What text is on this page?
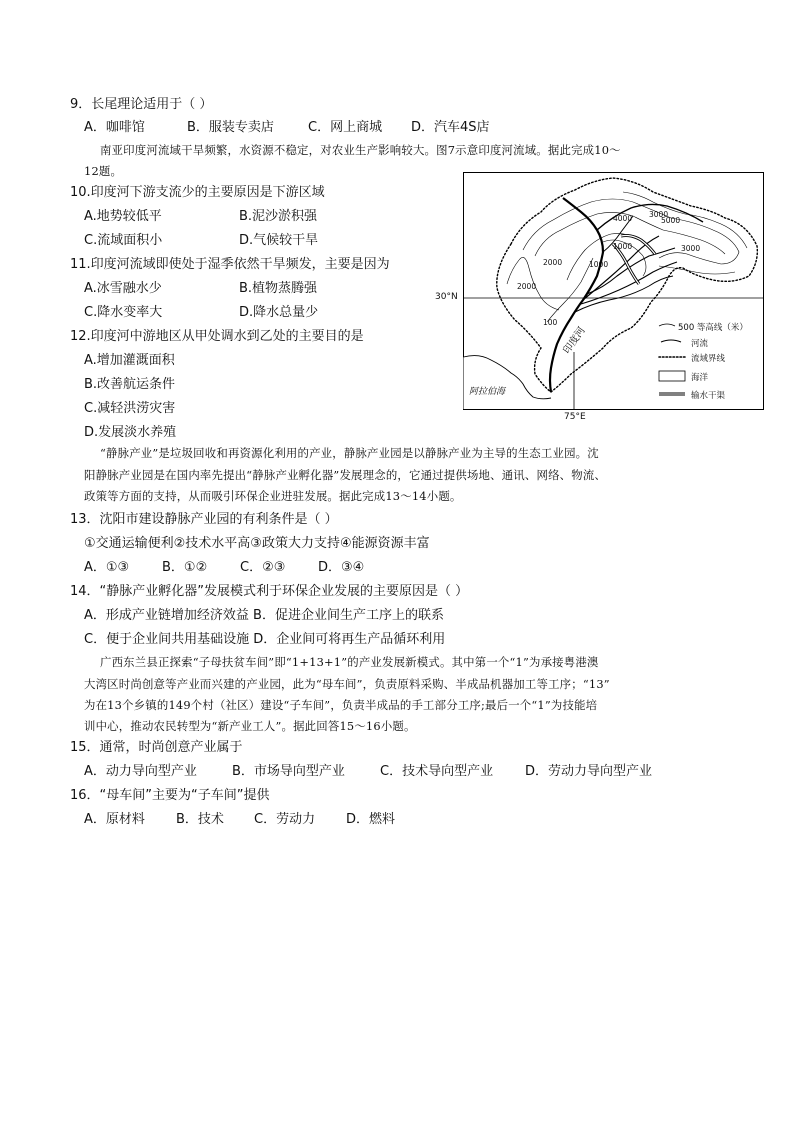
9．长尾理论适用于（ ）
A．咖啡馆	B．服装专卖店	C．网上商城 D．汽车4S店
南亚印度河流域干旱频繁，水资源不稳定，对农业生产影响较大。图7示意印度河流域。据此完成10～
12题。
10.印度河下游支流少的主要原因是下游区域
A.地势较低平	B.泥沙淤积强
C.流域面积小	D.气候较干旱
11.印度河流域即使处于湿季依然干旱频发，主要是因为
A.冰雪融水少	B.植物蒸腾强
C.降水变率大	D.降水总量少
12.印度河中游地区从甲处调水到乙处的主要目的是
A.增加灌溉面积
B.改善航运条件
C.减轻洪涝灾害
D.发展淡水养殖
“静脉产业”是垃圾回收和再资源化利用的产业，静脉产业园是以静脉产业为主导的生态工业园。沈
阳静脉产业园是在国内率先提出“静脉产业孵化器”发展理念的，它通过提供场地、通讯、网络、物流、
政策等方面的支持，从而吸引环保企业进驻发展。据此完成13～14小题。
13．沈阳市建设静脉产业园的有利条件是（ ）
①交通运输便利②技术水平高③政策大力支持④能源资源丰富
A．①③	B．①②	C．②③	D．③④
14．“静脉产业孵化器”发展模式利于环保企业发展的主要原因是（ ）
A．形成产业链增加经济效益 B．促进企业间生产工序上的联系
C．便于企业间共用基础设施 D．企业间可将再生产品循环利用
广西东兰县正探索“子母扶贫车间”即“1+13+1”的产业发展新模式。其中第一个“1”为承接粤港澳
大湾区时尚创意等产业而兴建的产业园，此为“母车间”，负责原料采购、半成品机器加工等工序；“13”
为在13个乡镇的149个村（社区）建设“子车间”，负责半成品的手工部分工序;最后一个“1”为技能培
训中心，推动农民转型为“新产业工人”。据此回答15～16小题。
15．通常，时尚创意产业属于
A．动力导向型产业	B．市场导向型产业	C．技术导向型产业 D．劳动力导向型产业
16．“母车间”主要为“子车间”提供
A．原材料 B．技术 C．劳动力 D．燃料
30°N
75°E
阿拉伯海
印度河
100
1000
2000
3000
4000	5000
3000
1000
2000
500 等高线（米）
河流
流域界线
海洋
输水干渠
